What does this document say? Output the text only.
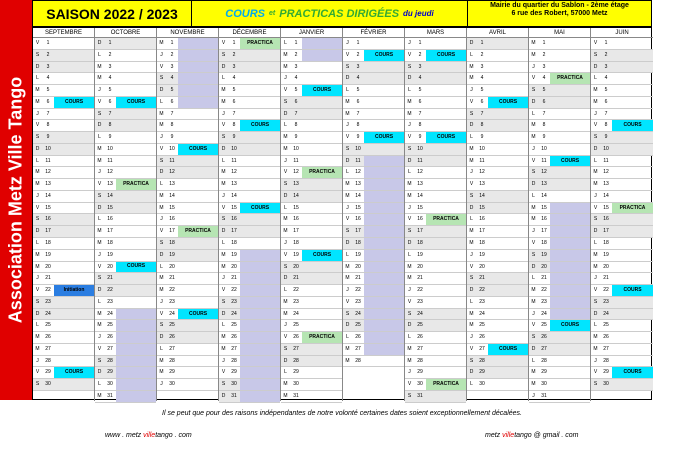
Association Metz Ville Tango
SAISON 2022 / 2023	COURS et PRACTICAS DIRIGÉES du jeudi
Mairie du quartier du Sablon - 2ème étage
6 rue des Robert, 57000 Metz
SEPTEMBRE
V	1
S	2
D	3
L	4
M	5
M	6	COURS
J	7
V	8
S	9
D	10
L	11
M	12
M	13
J	14
V	15
S	16
D	17
L	18
M	19
M	20
J	21
V	22	Initiation
S	23
D	24
L	25
M	26
M	27
J	28
V	29	COURS
S	30
OCTOBRE
D	1
L	2
M	3
M	4
J	5
V	6	COURS
S	7
D	8
L	9
M	10
M	11
J	12
V	13	PRACTICA
S	14
D	15
L	16
M	17
M	18
J	19
V	20	COURS
S	21
D	22
L	23
M	24
M	25
J	26
V	27
S	28
D	29
L	30
M	31
NOVEMBRE
M	1
J	2
V	3
S	4
D	5
L	6
M	7
M	8
J	9
V	10	COURS
S	11
D	12
L	13
M	14
M	15
J	16
V	17	PRACTICA
S	18
D	19
L	20
M	21
M	22
J	23
V	24	COURS
S	25
D	26
L	27
M	28
M	29
J	30
DÉCEMBRE
V	1	PRACTICA
S	2
D	3
L	4
M	5
M	6
J	7
V	8	COURS
S	9
D	10
L	11
M	12
M	13
J	14
V	15	COURS
S	16
D	17
L	18
M	19
M	20
J	21
V	22
S	23
D	24
L	25
M	26
M	27
J	28
V	29
S	30
D	31
JANVIER
L	1
M	2
M	3
J	4
V	5	COURS
S	6
D	7
L	8
M	9
M	10
J	11
V	12	PRACTICA
S	13
D	14
L	15
M	16
M	17
J	18
V	19	COURS
S	20
D	21
L	22
M	23
M	24
J	25
V	26	PRACTICA
S	27
D	28
L	29
M	30
M	31
FÉVRIER
J	1
V	2	COURS
S	3
D	4
L	5
M	6
M	7
J	8
V	9	COURS
S	10
D	11
L	12
M	13
M	14
J	15
V	16
S	17
D	18
L	19
M	20
M	21
J	22
V	23
S	24
D	25
L	26
M	27
M	28
MARS
J	1
V	2	COURS
S	3
D	4
L	5
M	6
M	7
J	8
V	9	COURS
S	10
D	11
L	12
M	13
M	14
J	15
V	16	PRACTICA
S	17
D	18
L	19
M	20
M	21
J	22
V	23
S	24
D	25
L	26
M	27
M	28
J	29
V	30	PRACTICA
S	31
AVRIL
D	1
L	2
M	3
M	4
J	5
V	6	COURS
S	7
D	8
L	9
M	10
M	11
J	12
V	13
S	14
D	15
L	16
M	17
M	18
J	19
V	20
S	21
D	22
L	23
M	24
M	25
J	26
V	27	COURS
S	28
D	29
L	30
MAI
M	1
M	2
J	3
V	4	PRACTICA
S	5
D	6
L	7
M	8
M	9
J	10
V	11	COURS
S	12
D	13
L	14
M	15
M	16
J	17
V	18
S	19
D	20
L	21
M	22
M	23
J	24
V	25	COURS
S	26
D	27
L	28
M	29
M	30
J	31
JUIN
V	1
S	2
D	3
L	4
M	5
M	6
J	7
V	8	COURS
S	9
D	10
L	11
M	12
M	13
J	14
V	15	PRACTICA
S	16
D	17
L	18
M	19
M	20
J	21
V	22	COURS
S	23
D	24
L	25
M	26
M	27
J	28
V	29	COURS
S	30
Il se peut que pour des raisons indépendantes de notre volonté certaines dates soient exceptionnellement décalées.
www . metz villetango . com	metz villetango @ gmail . com
